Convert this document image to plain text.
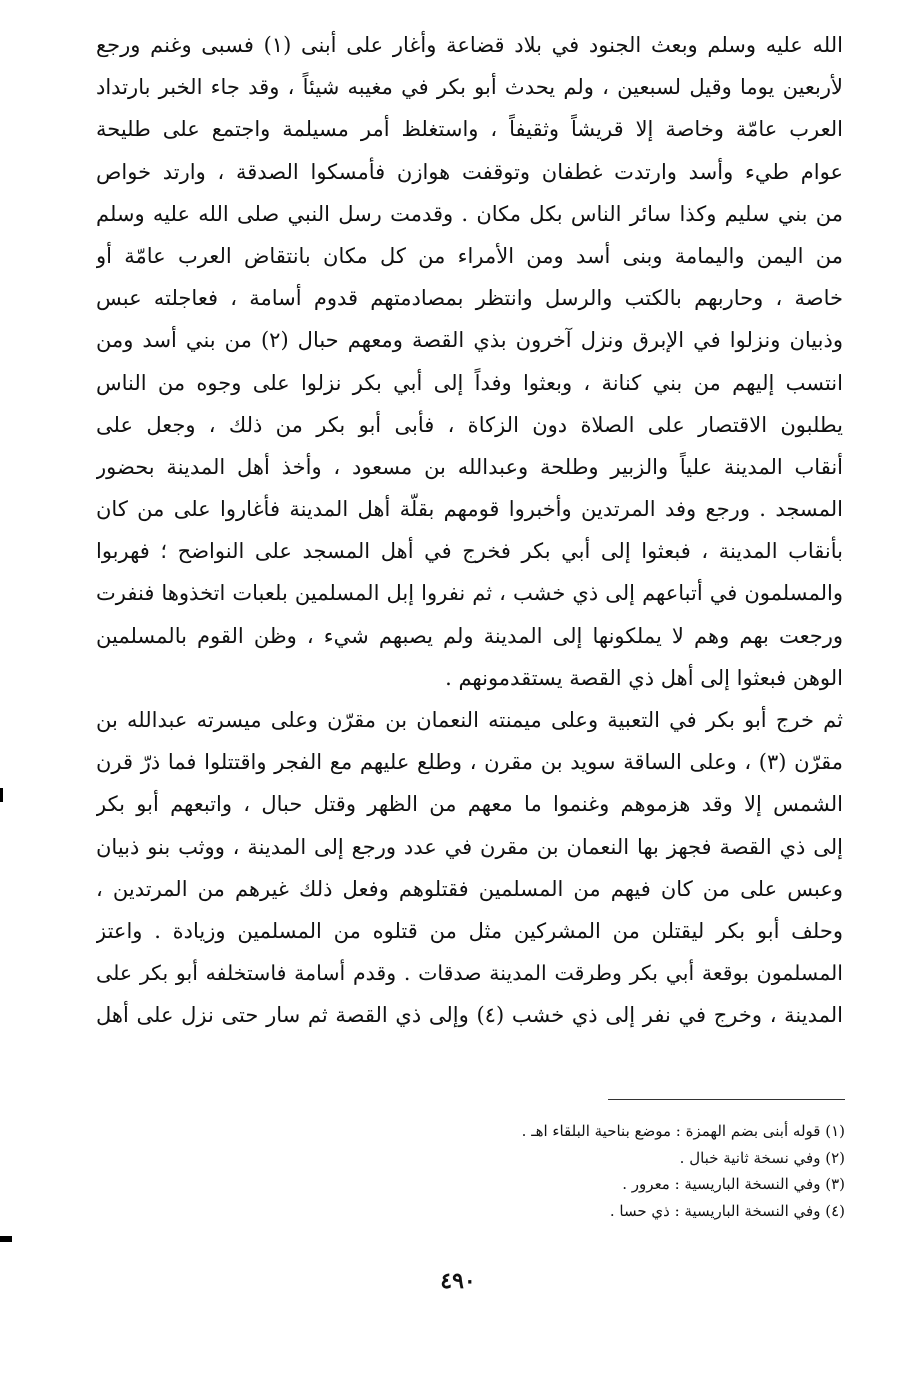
الله عليه وسلم وبعث الجنود في بلاد قضاعة وأغار على أبنى (١) فسبى وغنم ورجع
لأربعين يوما وقيل لسبعين ، ولم يحدث أبو بكر في مغيبه شيئاً ، وقد جاء الخبر بارتداد
العرب عامّة وخاصة إلا قريشاً وثقيفاً ، واستغلظ أمر مسيلمة واجتمع على طليحة
عوام طيء وأسد وارتدت غطفان وتوقفت هوازن فأمسكوا الصدقة ، وارتد خواص
من بني سليم وكذا سائر الناس بكل مكان . وقدمت رسل النبي صلى الله عليه وسلم
من اليمن واليمامة وبنى أسد ومن الأمراء من كل مكان بانتقاض العرب عامّة أو
خاصة ، وحاربهم بالكتب والرسل وانتظر بمصادمتهم قدوم أسامة ، فعاجلته عبس
وذبيان ونزلوا في الإبرق ونزل آخرون بذي القصة ومعهم حبال (٢) من بني أسد ومن
انتسب إليهم من بني كنانة ، وبعثوا وفداً إلى أبي بكر نزلوا على وجوه من الناس
يطلبون الاقتصار على الصلاة دون الزكاة ، فأبى أبو بكر من ذلك ، وجعل على
أنقاب المدينة علياً والزبير وطلحة وعبدالله بن مسعود ، وأخذ أهل المدينة بحضور
المسجد . ورجع وفد المرتدين وأخبروا قومهم بقلّة أهل المدينة فأغاروا على من كان
بأنقاب المدينة ، فبعثوا إلى أبي بكر فخرج في أهل المسجد على النواضح ؛ فهربوا
والمسلمون في أتباعهم إلى ذي خشب ، ثم نفروا إبل المسلمين بلعبات اتخذوها فنفرت
ورجعت بهم وهم لا يملكونها إلى المدينة ولم يصبهم شيء ، وظن القوم بالمسلمين
الوهن فبعثوا إلى أهل ذي القصة يستقدمونهم .
ثم خرج أبو بكر في التعبية وعلى ميمنته النعمان بن مقرّن وعلى ميسرته عبدالله بن
مقرّن (٣) ، وعلى الساقة سويد بن مقرن ، وطلع عليهم مع الفجر واقتتلوا فما ذرّ قرن
الشمس إلا وقد هزموهم وغنموا ما معهم من الظهر وقتل حبال ، واتبعهم أبو بكر
إلى ذي القصة فجهز بها النعمان بن مقرن في عدد ورجع إلى المدينة ، ووثب بنو ذبيان
وعبس على من كان فيهم من المسلمين فقتلوهم وفعل ذلك غيرهم من المرتدين ،
وحلف أبو بكر ليقتلن من المشركين مثل من قتلوه من المسلمين وزيادة . واعتز
المسلمون بوقعة أبي بكر وطرقت المدينة صدقات . وقدم أسامة فاستخلفه أبو بكر على
المدينة ، وخرج في نفر إلى ذي خشب (٤) وإلى ذي القصة ثم سار حتى نزل على أهل
(١) قوله أبنى بضم الهمزة : موضع بناحية البلقاء اهـ .
(٢) وفي نسخة ثانية خبال .
(٣) وفي النسخة الباريسية : معرور .
(٤) وفي النسخة الباريسية : ذي حسا .
٤٩٠
